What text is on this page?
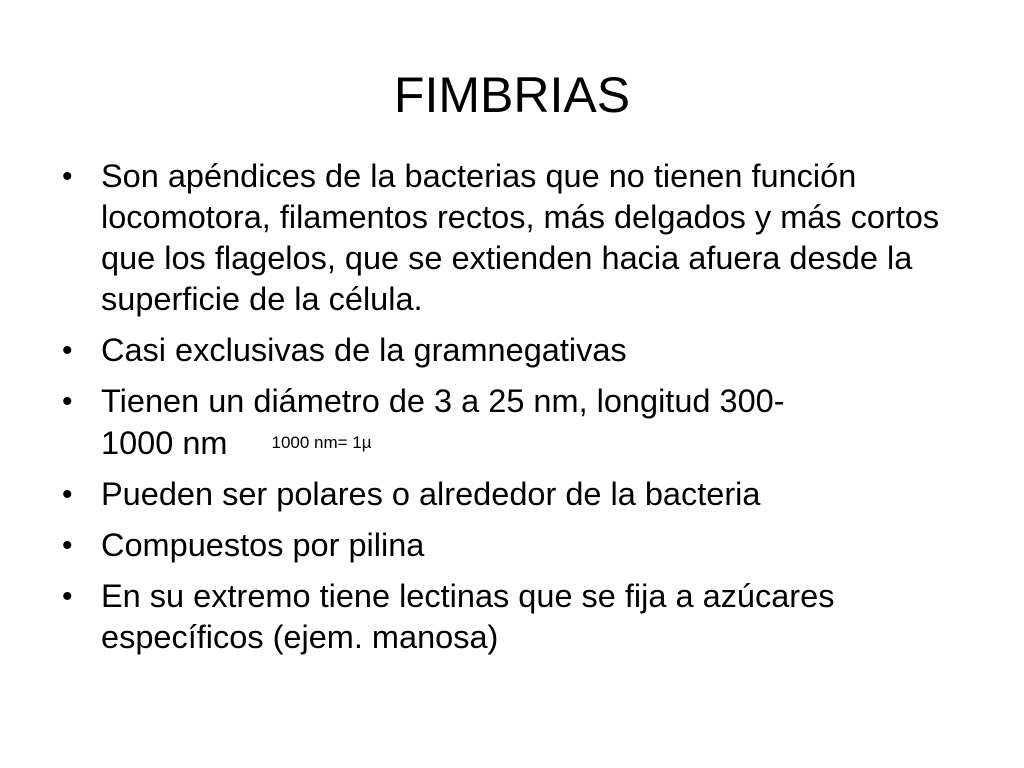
FIMBRIAS
• Son apéndices de la bacterias que no tienen función locomotora, filamentos rectos, más delgados y más cortos que los flagelos, que se extienden hacia afuera desde la superficie de la célula.
• Casi exclusivas de la gramnegativas
• Tienen un diámetro de 3 a 25 nm, longitud 300-
1000 nm	1000 nm= 1µ
• Pueden ser polares o alrededor de la bacteria
• Compuestos por pilina
• En su extremo tiene lectinas que se fija a azúcares específicos (ejem. manosa)
